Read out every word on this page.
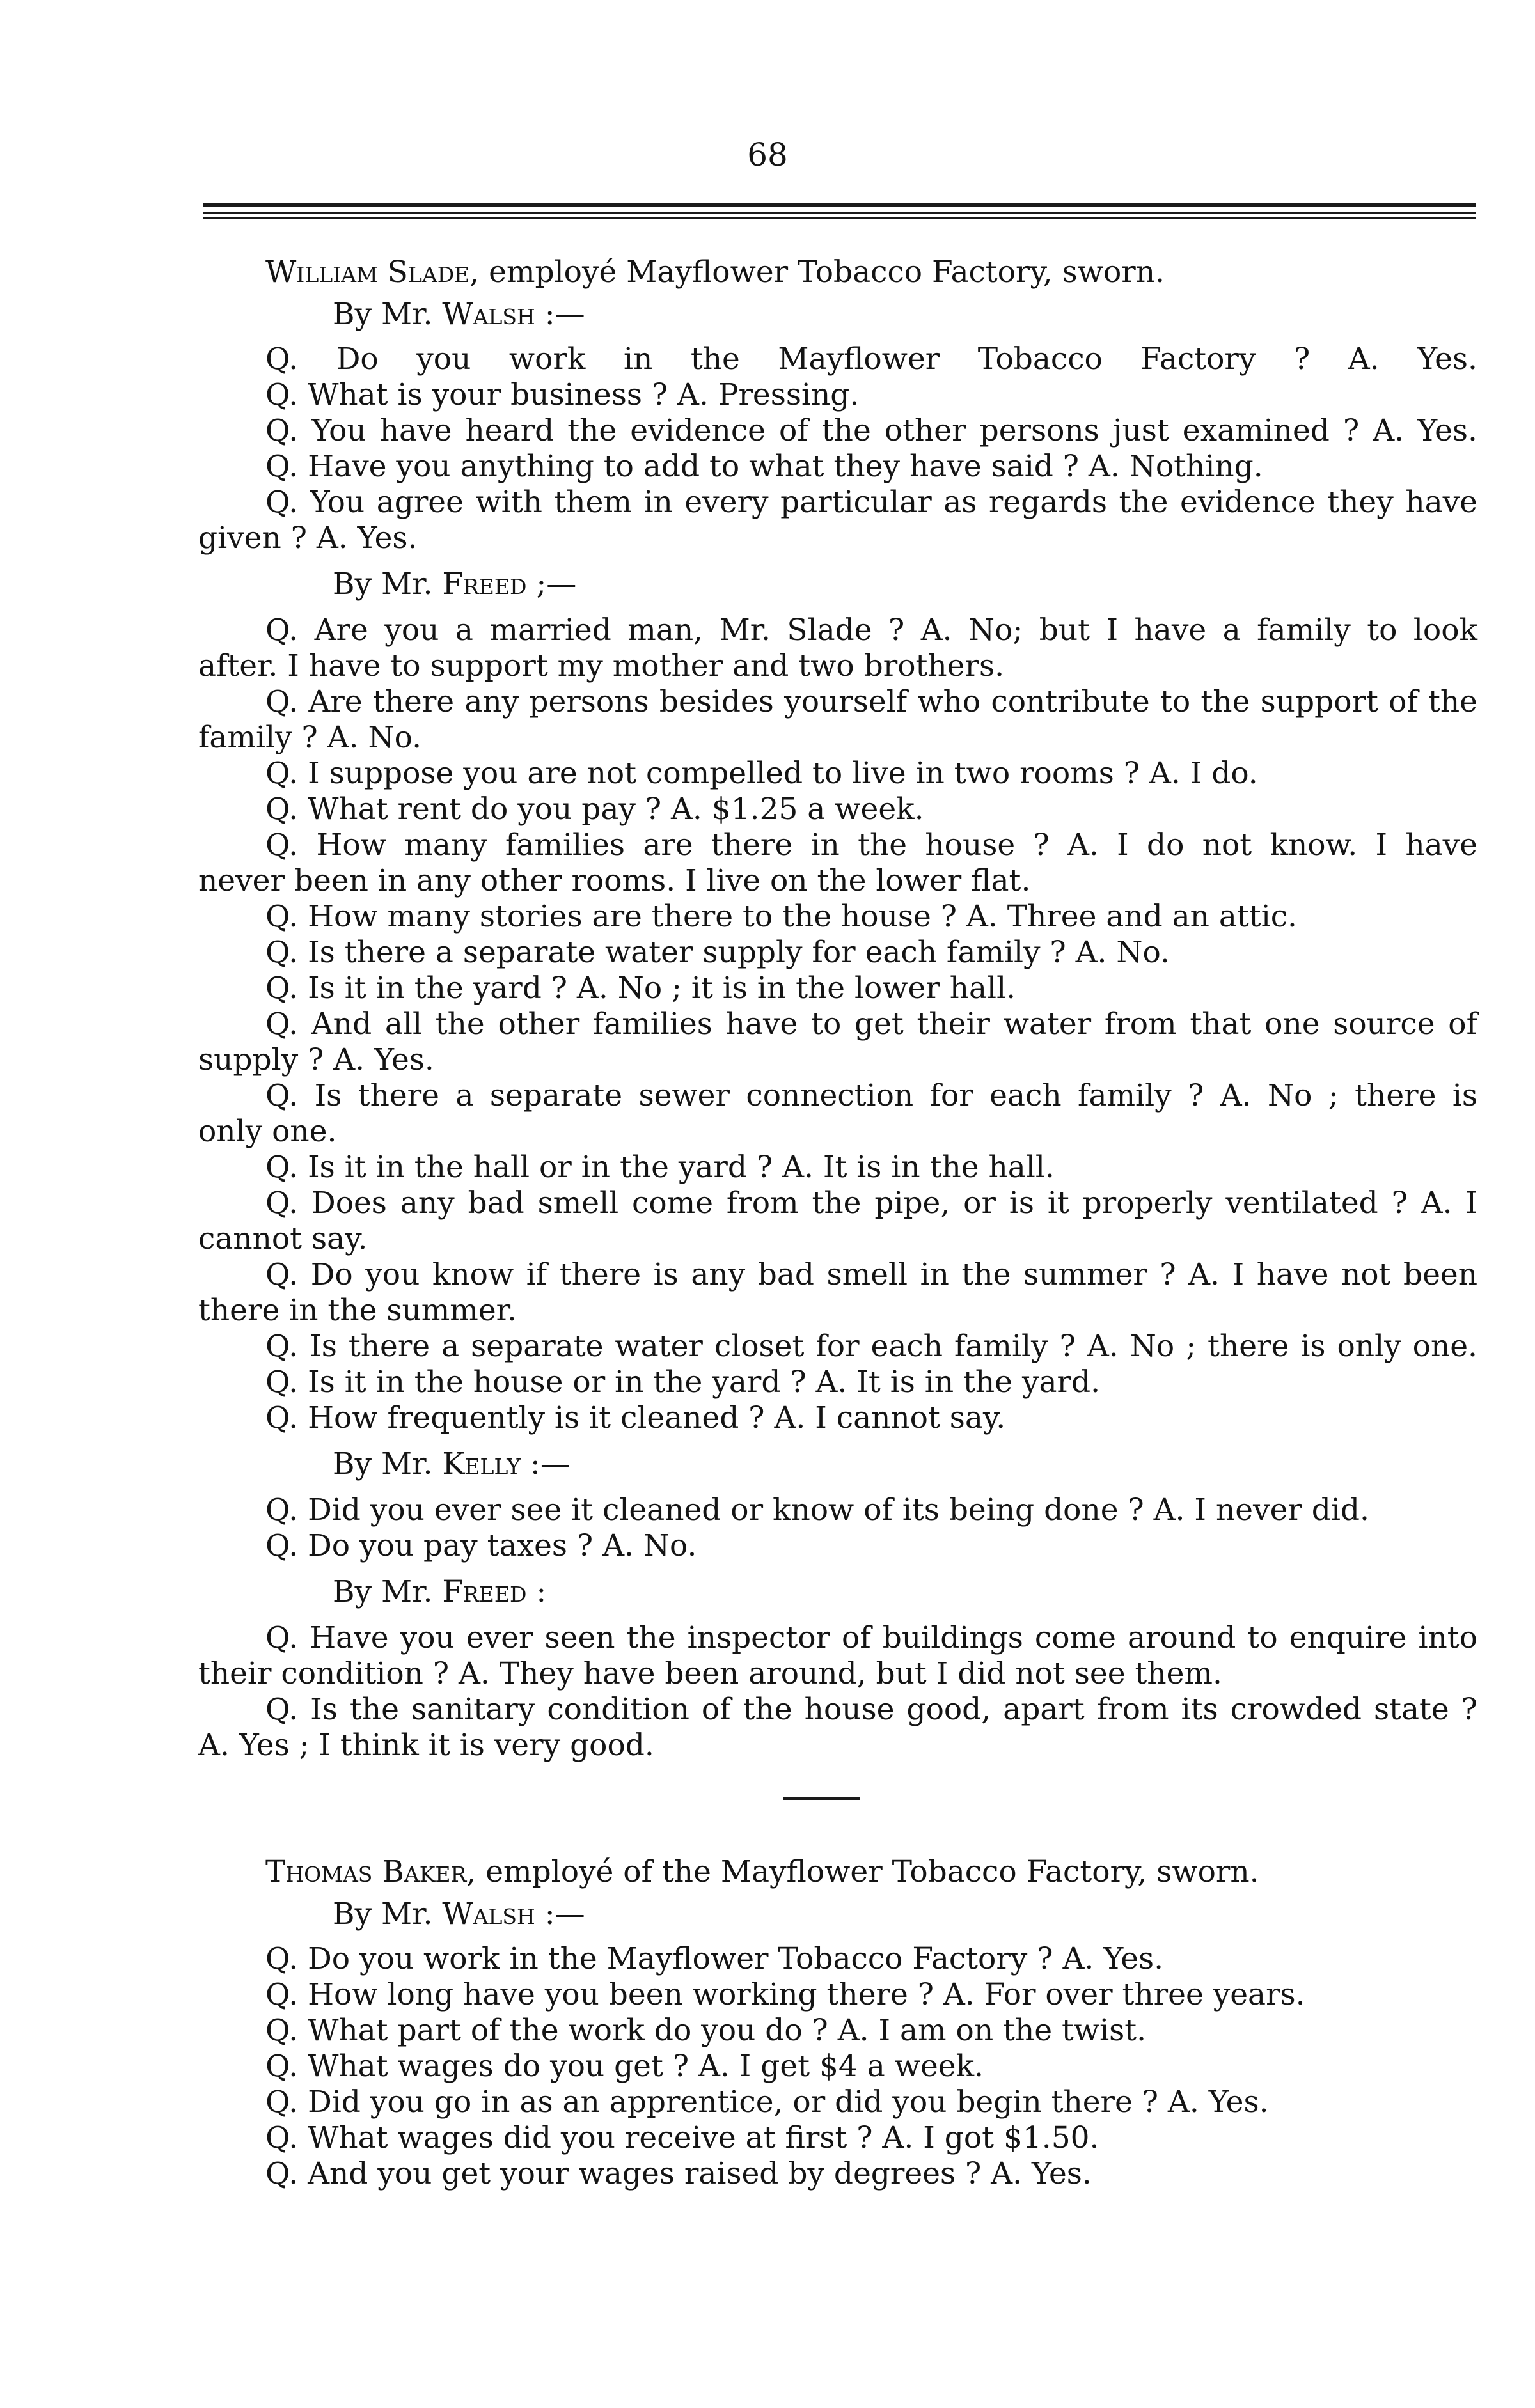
68
William Slade, employé Mayflower Tobacco Factory, sworn.
By Mr. Walsh :—
Q. Do you work in the Mayflower Tobacco Factory ? A. Yes.
Q. What is your business ? A. Pressing.
Q. You have heard the evidence of the other persons just examined ? A. Yes.
Q. Have you anything to add to what they have said ? A. Nothing.
Q. You agree with them in every particular as regards the evidence they have
given ? A. Yes.
By Mr. Freed ;—
Q. Are you a married man, Mr. Slade ? A. No; but I have a family to look
after. I have to support my mother and two brothers.
Q. Are there any persons besides yourself who contribute to the support of the
family ? A. No.
Q. I suppose you are not compelled to live in two rooms ? A. I do.
Q. What rent do you pay ? A. $1.25 a week.
Q. How many families are there in the house ? A. I do not know. I have
never been in any other rooms. I live on the lower flat.
Q. How many stories are there to the house ? A. Three and an attic.
Q. Is there a separate water supply for each family ? A. No.
Q. Is it in the yard ? A. No ; it is in the lower hall.
Q. And all the other families have to get their water from that one source of
supply ? A. Yes.
Q. Is there a separate sewer connection for each family ? A. No ; there is
only one.
Q. Is it in the hall or in the yard ? A. It is in the hall.
Q. Does any bad smell come from the pipe, or is it properly ventilated ? A. I
cannot say.
Q. Do you know if there is any bad smell in the summer ? A. I have not been
there in the summer.
Q. Is there a separate water closet for each family ? A. No ; there is only one.
Q. Is it in the house or in the yard ? A. It is in the yard.
Q. How frequently is it cleaned ? A. I cannot say.
By Mr. Kelly :—
Q. Did you ever see it cleaned or know of its being done ? A. I never did.
Q. Do you pay taxes ? A. No.
By Mr. Freed :
Q. Have you ever seen the inspector of buildings come around to enquire into
their condition ? A. They have been around, but I did not see them.
Q. Is the sanitary condition of the house good, apart from its crowded state ?
A. Yes ; I think it is very good.
Thomas Baker, employé of the Mayflower Tobacco Factory, sworn.
By Mr. Walsh :—
Q. Do you work in the Mayflower Tobacco Factory ? A. Yes.
Q. How long have you been working there ? A. For over three years.
Q. What part of the work do you do ? A. I am on the twist.
Q. What wages do you get ? A. I get $4 a week.
Q. Did you go in as an apprentice, or did you begin there ? A. Yes.
Q. What wages did you receive at first ? A. I got $1.50.
Q. And you get your wages raised by degrees ? A. Yes.
